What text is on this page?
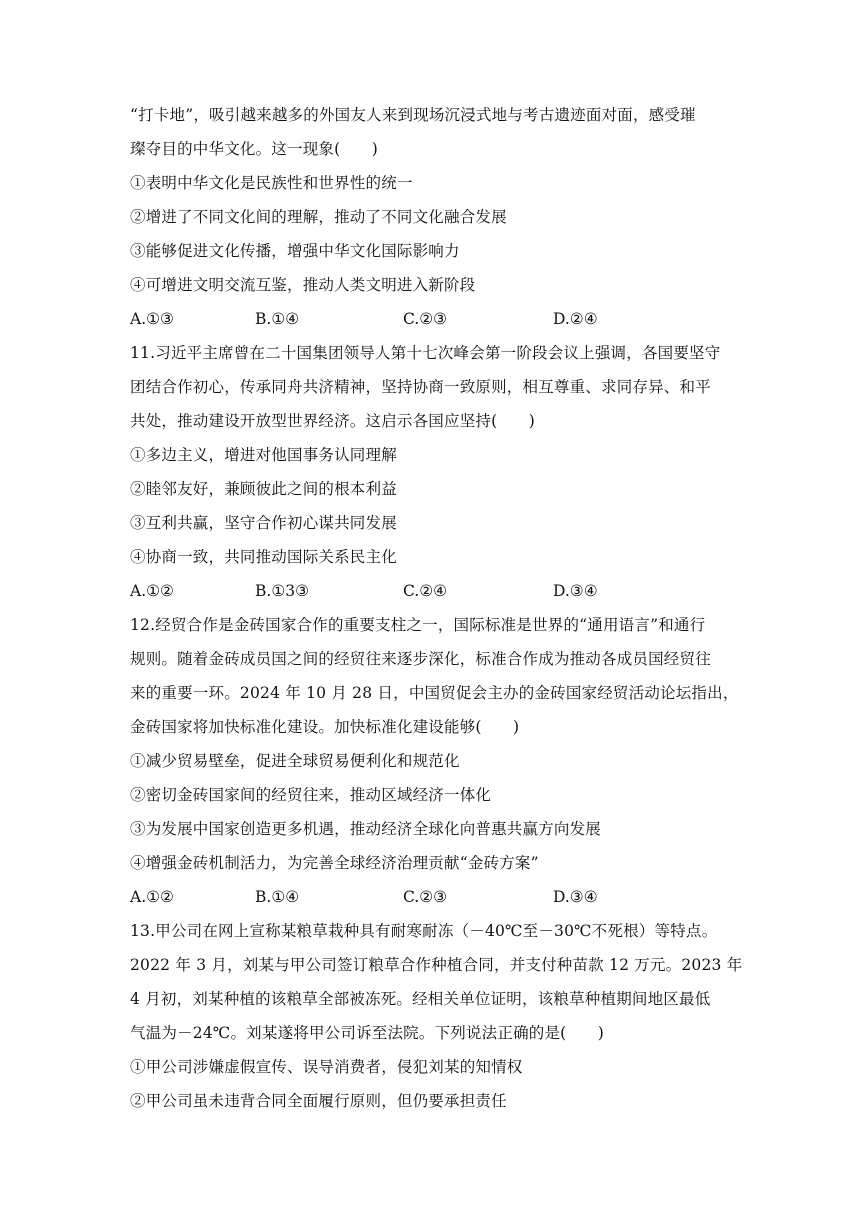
“打卡地”，吸引越来越多的外国友人来到现场沉浸式地与考古遗迹面对面，感受璀
璨夺目的中华文化。这一现象(　　)
①表明中华文化是民族性和世界性的统一
②增进了不同文化间的理解，推动了不同文化融合发展
③能够促进文化传播，增强中华文化国际影响力
④可增进文明交流互鉴，推动人类文明进入新阶段
A.①③	B.①④	C.②③	D.②④
11.习近平主席曾在二十国集团领导人第十七次峰会第一阶段会议上强调，各国要坚守
团结合作初心，传承同舟共济精神，坚持协商一致原则，相互尊重、求同存异、和平
共处，推动建设开放型世界经济。这启示各国应坚持(　　)
①多边主义，增进对他国事务认同理解
②睦邻友好，兼顾彼此之间的根本利益
③互利共赢，坚守合作初心谋共同发展
④协商一致，共同推动国际关系民主化
A.①②	B.①3③	C.②④	D.③④
12.经贸合作是金砖国家合作的重要支柱之一，国际标准是世界的“通用语言”和通行
规则。随着金砖成员国之间的经贸往来逐步深化，标准合作成为推动各成员国经贸往
来的重要一环。2024 年 10 月 28 日，中国贸促会主办的金砖国家经贸活动论坛指出，
金砖国家将加快标准化建设。加快标准化建设能够(　　)
①减少贸易壁垒，促进全球贸易便利化和规范化
②密切金砖国家间的经贸往来，推动区域经济一体化
③为发展中国家创造更多机遇，推动经济全球化向普惠共赢方向发展
④增强金砖机制活力，为完善全球经济治理贡献“金砖方案”
A.①②	B.①④	C.②③	D.③④
13.甲公司在网上宣称某粮草栽种具有耐寒耐冻（－40℃至－30℃不死根）等特点。
2022 年 3 月，刘某与甲公司签订粮草合作种植合同，并支付种苗款 12 万元。2023 年
4 月初，刘某种植的该粮草全部被冻死。经相关单位证明，该粮草种植期间地区最低
气温为－24℃。刘某遂将甲公司诉至法院。下列说法正确的是(　　)
①甲公司涉嫌虚假宣传、误导消费者，侵犯刘某的知情权
②甲公司虽未违背合同全面履行原则，但仍要承担责任
